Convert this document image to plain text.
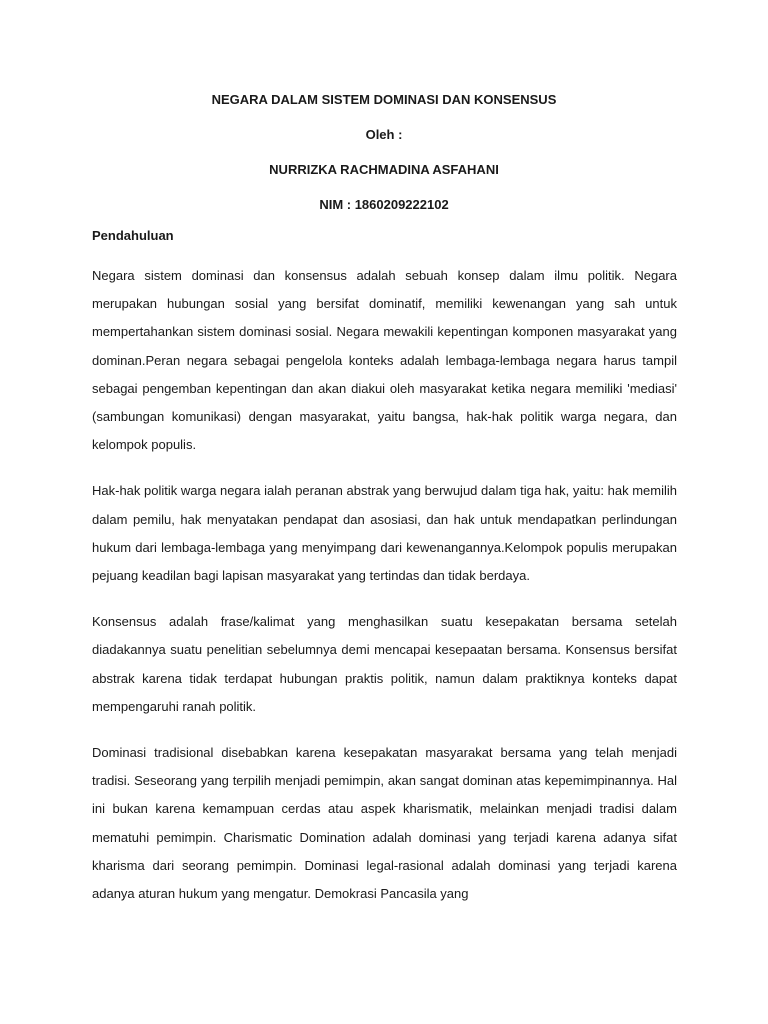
NEGARA DALAM SISTEM DOMINASI DAN KONSENSUS
Oleh :
NURRIZKA RACHMADINA ASFAHANI
NIM : 1860209222102
Pendahuluan

Negara sistem dominasi dan konsensus adalah sebuah konsep dalam ilmu politik. Negara merupakan hubungan sosial yang bersifat dominatif, memiliki kewenangan yang sah untuk mempertahankan sistem dominasi sosial. Negara mewakili kepentingan komponen masyarakat yang dominan.Peran negara sebagai pengelola konteks adalah lembaga-lembaga negara harus tampil sebagai pengemban kepentingan dan akan diakui oleh masyarakat ketika negara memiliki 'mediasi' (sambungan komunikasi) dengan masyarakat, yaitu bangsa, hak-hak politik warga negara, dan kelompok populis.

Hak-hak politik warga negara ialah peranan abstrak yang berwujud dalam tiga hak, yaitu: hak memilih dalam pemilu, hak menyatakan pendapat dan asosiasi, dan hak untuk mendapatkan perlindungan hukum dari lembaga-lembaga yang menyimpang dari kewenangannya.Kelompok populis merupakan pejuang keadilan bagi lapisan masyarakat yang tertindas dan tidak berdaya.

Konsensus adalah frase/kalimat yang menghasilkan suatu kesepakatan bersama setelah diadakannya suatu penelitian sebelumnya demi mencapai kesepaatan bersama. Konsensus bersifat abstrak karena tidak terdapat hubungan praktis politik, namun dalam praktiknya konteks dapat mempengaruhi ranah politik.

Dominasi tradisional disebabkan karena kesepakatan masyarakat bersama yang telah menjadi tradisi. Seseorang yang terpilih menjadi pemimpin, akan sangat dominan atas kepemimpinannya. Hal ini bukan karena kemampuan cerdas atau aspek kharismatik, melainkan menjadi tradisi dalam mematuhi pemimpin. Charismatic Domination adalah dominasi yang terjadi karena adanya sifat kharisma dari seorang pemimpin. Dominasi legal-rasional adalah dominasi yang terjadi karena adanya aturan hukum yang mengatur. Demokrasi Pancasila yang
